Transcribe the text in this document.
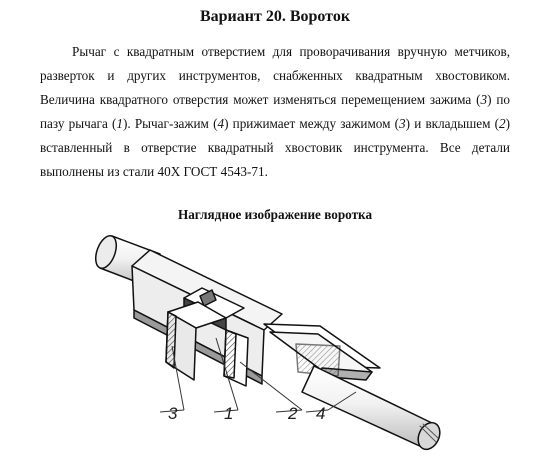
Вариант 20. Вороток

Рычаг с квадратным отверстием для проворачивания вручную метчиков, разверток и других инструментов, снабженных квадратным хвостовиком. Величина квадратного отверстия может изменяться перемещением зажима (3) по пазу рычага (1). Рычаг-зажим (4) прижимает между зажимом (3) и вкладышем (2) вставленный в отверстие квадратный хвостовик инструмента. Все детали выполнены из стали 40Х ГОСТ 4543-71.

Наглядное изображение воротка
3	1	2 4
